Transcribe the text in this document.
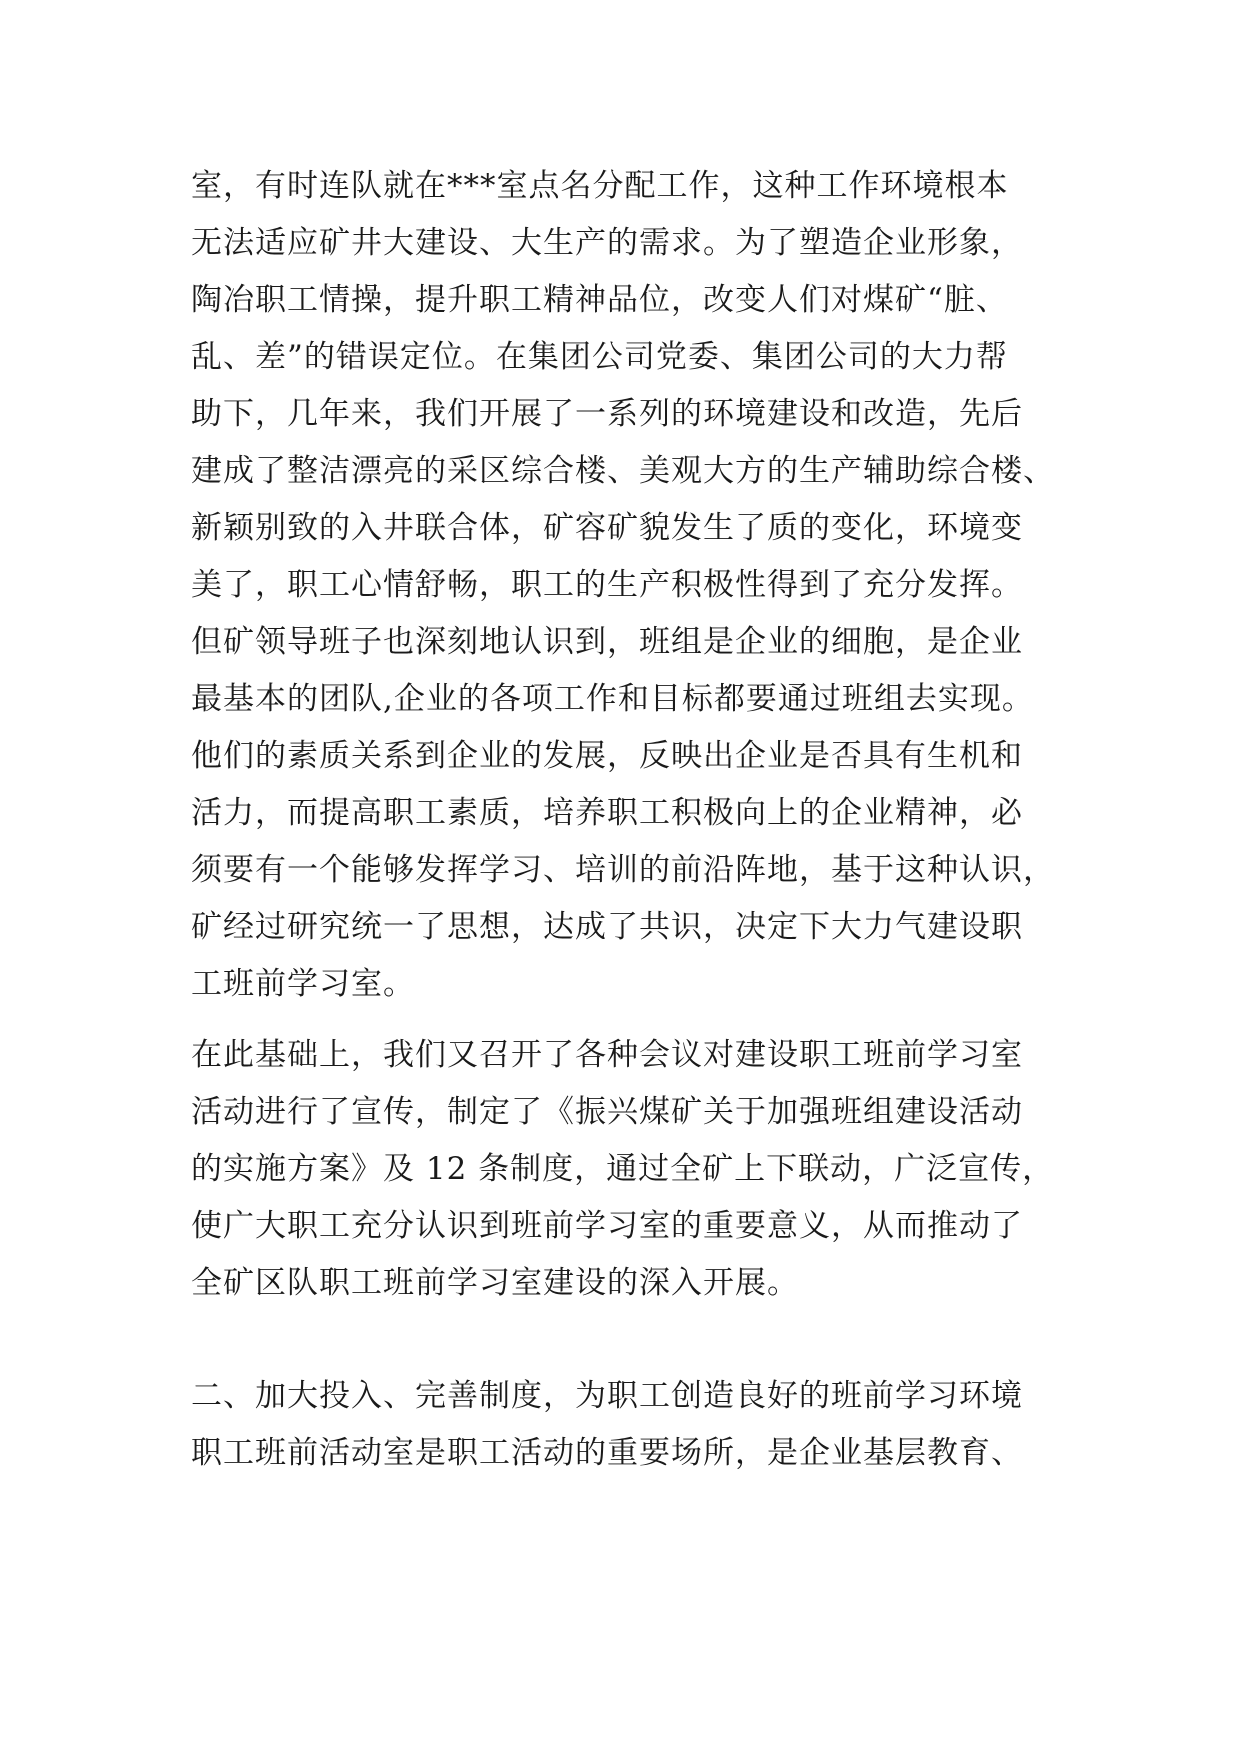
室，有时连队就在***室点名分配工作，这种工作环境根本
无法适应矿井大建设、大生产的需求。为了塑造企业形象，
陶冶职工情操，提升职工精神品位，改变人们对煤矿“脏、
乱、差”的错误定位。在集团公司党委、集团公司的大力帮
助下，几年来，我们开展了一系列的环境建设和改造，先后
建成了整洁漂亮的采区综合楼、美观大方的生产辅助综合楼、
新颖别致的入井联合体，矿容矿貌发生了质的变化，环境变
美了，职工心情舒畅，职工的生产积极性得到了充分发挥。
但矿领导班子也深刻地认识到，班组是企业的细胞，是企业
最基本的团队,企业的各项工作和目标都要通过班组去实现。
他们的素质关系到企业的发展，反映出企业是否具有生机和
活力，而提高职工素质，培养职工积极向上的企业精神，必
须要有一个能够发挥学习、培训的前沿阵地，基于这种认识，
矿经过研究统一了思想，达成了共识，决定下大力气建设职
工班前学习室。
在此基础上，我们又召开了各种会议对建设职工班前学习室
活动进行了宣传，制定了《振兴煤矿关于加强班组建设活动
的实施方案》及 12 条制度，通过全矿上下联动，广泛宣传，
使广大职工充分认识到班前学习室的重要意义，从而推动了
全矿区队职工班前学习室建设的深入开展。
二、加大投入、完善制度，为职工创造良好的班前学习环境
职工班前活动室是职工活动的重要场所，是企业基层教育、
